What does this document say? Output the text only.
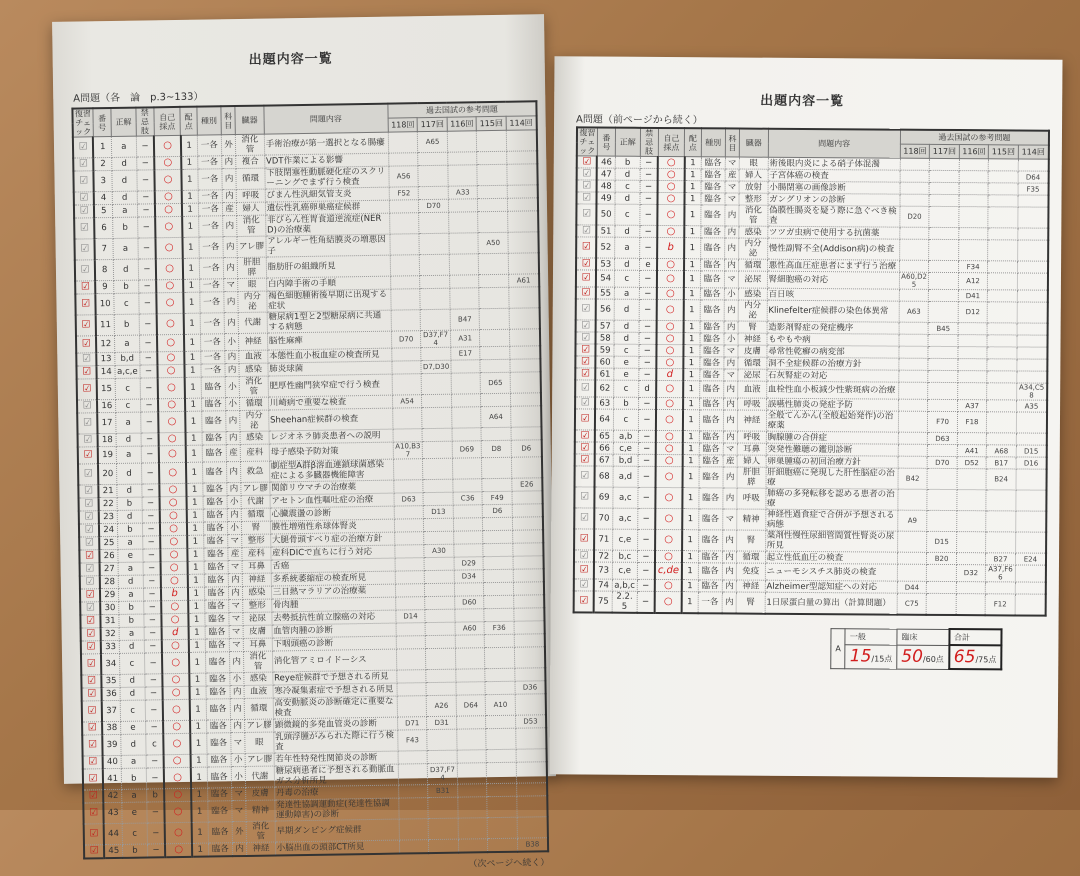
出題内容一覧
A問題（各　論　p.3~133）
復習チェック	番号	正解	禁忌肢	自己採点	配点	種別	科目	臓器	問題内容	過去国試の参考問題				
										118回	117回	116回	115回	114回
☑	1	a	−	○	1	一各	外	消化管	手術治療が第一選択となる腸瘻		A65			
☑	2	d	−	○	1	一各	内	複合	VDT作業による影響					
☑	3	d	−	○	1	一各	内	循環	下肢閉塞性動脈硬化症のスクリーニングでまず行う検査	A56				
☑	4	d	−	○	1	一各	内	呼吸	びまん性汎細気管支炎	F52		A33		
☑	5	a	−	○	1	一各	産	婦人	遺伝性乳癌卵巣癌症候群		D70			
☑	6	b	−	○	1	一各	内	消化管	非びらん性胃食道逆流症(NERD)の治療薬					
☑	7	a	−	○	1	一各	内	アレ膠	アレルギー性角結膜炎の増悪因子				A50	
☑	8	d	−	○	1	一各	内	肝胆膵	脂肪肝の組織所見					
☑	9	b	−	○	1	一各	マ	眼	白内障手術の手順					A61
☑	10	c	−	○	1	一各	内	内分泌	褐色細胞腫術後早期に出現する症状					
☑	11	b	−	○	1	一各	内	代謝	糖尿病1型と2型糖尿病に共通する病態			B47		
☑	12	a	−	○	1	一各	小	神経	脳性麻痺	D70	D37,F74	A31		
☑	13	b,d	−	○	1	一各	内	血液	本態性血小板血症の検査所見			E17		
☑	14	a,c,e	−	○	1	一各	内	感染	肺炎球菌		D7,D30			
☑	15	c	−	○	1	臨各	小	消化管	肥厚性幽門狭窄症で行う検査				D65	
☑	16	c	−	○	1	臨各	小	循環	川崎病で重要な検査	A54				
☑	17	a	−	○	1	臨各	内	内分泌	Sheehan症候群の検査				A64	
☑	18	d	−	○	1	臨各	内	感染	レジオネラ肺炎患者への説明					
☑	19	a	−	○	1	臨各	産	産科	母子感染予防対策	A10,B37		D69	D8	D6
☑	20	d	−	○	1	臨各	内	救急	劇症型A群β溶血連鎖球菌感染症による多臓器機能障害					
☑	21	d	−	○	1	臨各	内	アレ膠	関節リウマチの治療薬					E26
☑	22	b	−	○	1	臨各	小	代謝	アセトン血性嘔吐症の治療	D63		C36	F49	
☑	23	d	−	○	1	臨各	内	循環	心臓震盪の診断		D13		D6	
☑	24	b	−	○	1	臨各	小	腎	膜性増殖性糸球体腎炎					
☑	25	a	−	○	1	臨各	マ	整形	大腿骨頭すべり症の治療方針					
☑	26	e	−	○	1	臨各	産	産科	産科DICで直ちに行う対応		A30			
☑	27	a	−	○	1	臨各	マ	耳鼻	舌癌			D29		
☑	28	d	−	○	1	臨各	内	神経	多系統萎縮症の検査所見			D34		
☑	29	a	−	b	1	臨各	内	感染	三日熱マラリアの治療薬					
☑	30	b	−	○	1	臨各	マ	整形	骨肉腫			D60		
☑	31	b	−	○	1	臨各	マ	泌尿	去勢抵抗性前立腺癌の対応	D14				
☑	32	a	−	d	1	臨各	マ	皮膚	血管肉腫の診断			A60	F36	
☑	33	d	−	○	1	臨各	マ	耳鼻	下咽頭癌の診断					
☑	34	c	−	○	1	臨各	内	消化管	消化管アミロイドーシス					
☑	35	d	−	○	1	臨各	小	感染	Reye症候群で予想される所見					
☑	36	d	−	○	1	臨各	内	血液	寒冷凝集素症で予想される所見					D36
☑	37	c	−	○	1	臨各	内	循環	高安動脈炎の診断確定に重要な検査		A26	D64	A10	
☑	38	e	−	○	1	臨各	内	アレ膠	顕微鏡的多発血管炎の診断	D71	D31			D53
☑	39	d	c	○	1	臨各	マ	眼	乳頭浮腫がみられた際に行う検査	F43				
☑	40	a	−	○	1	臨各	小	アレ膠	若年性特発性関節炎の診断					
☑	41	b	−	○	1	臨各	小	代謝	糖尿病患者に予想される動脈血ガス分析所見		D37,F74			
☑	42	a	b	○	1	臨各	マ	皮膚	丹毒の治療		B31			
☑	43	e	−	○	1	臨各	マ	精神	発達性協調運動症(発達性協調運動障害)の診断					
☑	44	c	−	○	1	臨各	外	消化管	早期ダンピング症候群					
☑	45	b	−	○	1	臨各	内	神経	小脳出血の頭部CT所見					B38
（次ページへ続く）
出題内容一覧
A問題（前ページから続く）
復習チェック	番号	正解	禁忌肢	自己採点	配点	種別	科目	臓器	問題内容	過去国試の参考問題				
										118回	117回	116回	115回	114回
☑	46	b	−	○	1	臨各	マ	眼	術後眼内炎による硝子体混濁					
☑	47	d	−	○	1	臨各	産	婦人	子宮体癌の検査					D64
☑	48	c	−	○	1	臨各	マ	放射	小腸閉塞の画像診断					F35
☑	49	d	−	○	1	臨各	マ	整形	ガングリオンの診断					
☑	50	c	−	○	1	臨各	内	消化管	偽膜性腸炎を疑う際に急ぐべき検査	D20				
☑	51	d	−	○	1	臨各	内	感染	ツツガ虫病で使用する抗菌薬					
☑	52	a	−	b	1	臨各	内	内分泌	慢性副腎不全(Addison病)の検査					
☑	53	d	e	○	1	臨各	内	循環	悪性高血圧症患者にまず行う治療			F34		
☑	54	c	−	○	1	臨各	マ	泌尿	腎細胞癌の対応	A60,D25		A12		
☑	55	a	−	○	1	臨各	小	感染	百日咳			D41		
☑	56	d	−	○	1	臨各	内	内分泌	Klinefelter症候群の染色体異常	A63		D12		
☑	57	d	−	○	1	臨各	内	腎	造影剤腎症の発症機序		B45			
☑	58	d	−	○	1	臨各	小	神経	もやもや病					
☑	59	c	−	○	1	臨各	マ	皮膚	尋常性乾癬の病変部					
☑	60	e	−	○	1	臨各	内	循環	洞不全症候群の治療方針					
☑	61	e	−	d	1	臨各	マ	泌尿	石灰腎症の対応					
☑	62	c	d	○	1	臨各	内	血液	血栓性血小板減少性紫斑病の治療					A34,C58
☑	63	b	−	○	1	臨各	内	呼吸	誤嚥性肺炎の発症予防			A37		A35
☑	64	c	−	○	1	臨各	内	神経	全般てんかん(全般起始発作)の治療薬		F70	F18		
☑	65	a,b	−	○	1	臨各	内	呼吸	胸腺腫の合併症		D63			
☑	66	c,e	−	○	1	臨各	マ	耳鼻	突発性難聴の鑑別診断			A41	A68	D15
☑	67	b,d	−	○	1	臨各	産	婦人	卵巣腫瘍の初回治療方針		D70	D52	B17	D16
☑	68	a,d	−	○	1	臨各	内	肝胆膵	肝細胞癌に発現した肝性脳症の治療	B42			B24	
☑	69	a,c	−	○	1	臨各	内	呼吸	肺癌の多発転移を認める患者の治療					
☑	70	a,c	−	○	1	臨各	マ	精神	神経性過食症で合併が予想される病態	A9				
☑	71	c,e	−	○	1	臨各	内	腎	薬剤性慢性尿細管間質性腎炎の尿所見		D15			
☑	72	b,c	−	○	1	臨各	内	循環	起立性低血圧の検査		B20		B27	E24
☑	73	c,e	−	c,de	1	臨各	内	免疫	ニューモシスチス肺炎の検査			D32	A37,F66	
☑	74	a,b,c	−	○	1	臨各	内	神経	Alzheimer型認知症への対応	D44				
☑	75	2.2.5	−	○	1	一各	内	腎	1日尿蛋白量の算出（計算問題）	C75			F12	
A	一般	臨床	合計
	15/15点	50/60点	65/75点
